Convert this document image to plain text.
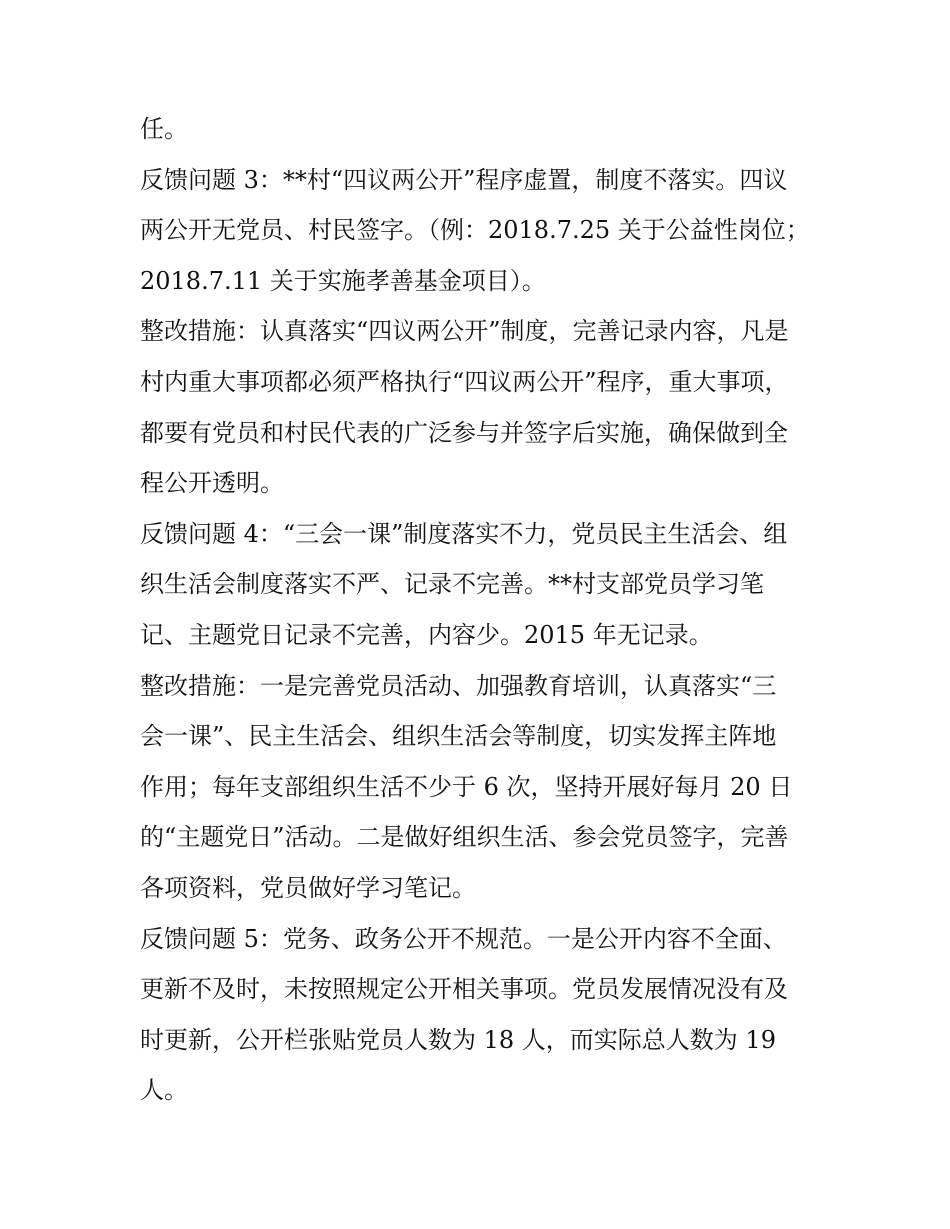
任。
反馈问题 3：**村“四议两公开”程序虚置，制度不落实。四议
两公开无党员、村民签字。（例：2018.7.25 关于公益性岗位；
2018.7.11 关于实施孝善基金项目）。
整改措施：认真落实“四议两公开”制度，完善记录内容，凡是
村内重大事项都必须严格执行“四议两公开”程序，重大事项，
都要有党员和村民代表的广泛参与并签字后实施，确保做到全
程公开透明。
反馈问题 4：“三会一课”制度落实不力，党员民主生活会、组
织生活会制度落实不严、记录不完善。**村支部党员学习笔
记、主题党日记录不完善，内容少。2015 年无记录。
整改措施：一是完善党员活动、加强教育培训，认真落实“三
会一课”、民主生活会、组织生活会等制度，切实发挥主阵地
作用；每年支部组织生活不少于 6 次，坚持开展好每月 20 日
的“主题党日”活动。二是做好组织生活、参会党员签字，完善
各项资料，党员做好学习笔记。
反馈问题 5：党务、政务公开不规范。一是公开内容不全面、
更新不及时，未按照规定公开相关事项。党员发展情况没有及
时更新，公开栏张贴党员人数为 18 人，而实际总人数为 19
人。
